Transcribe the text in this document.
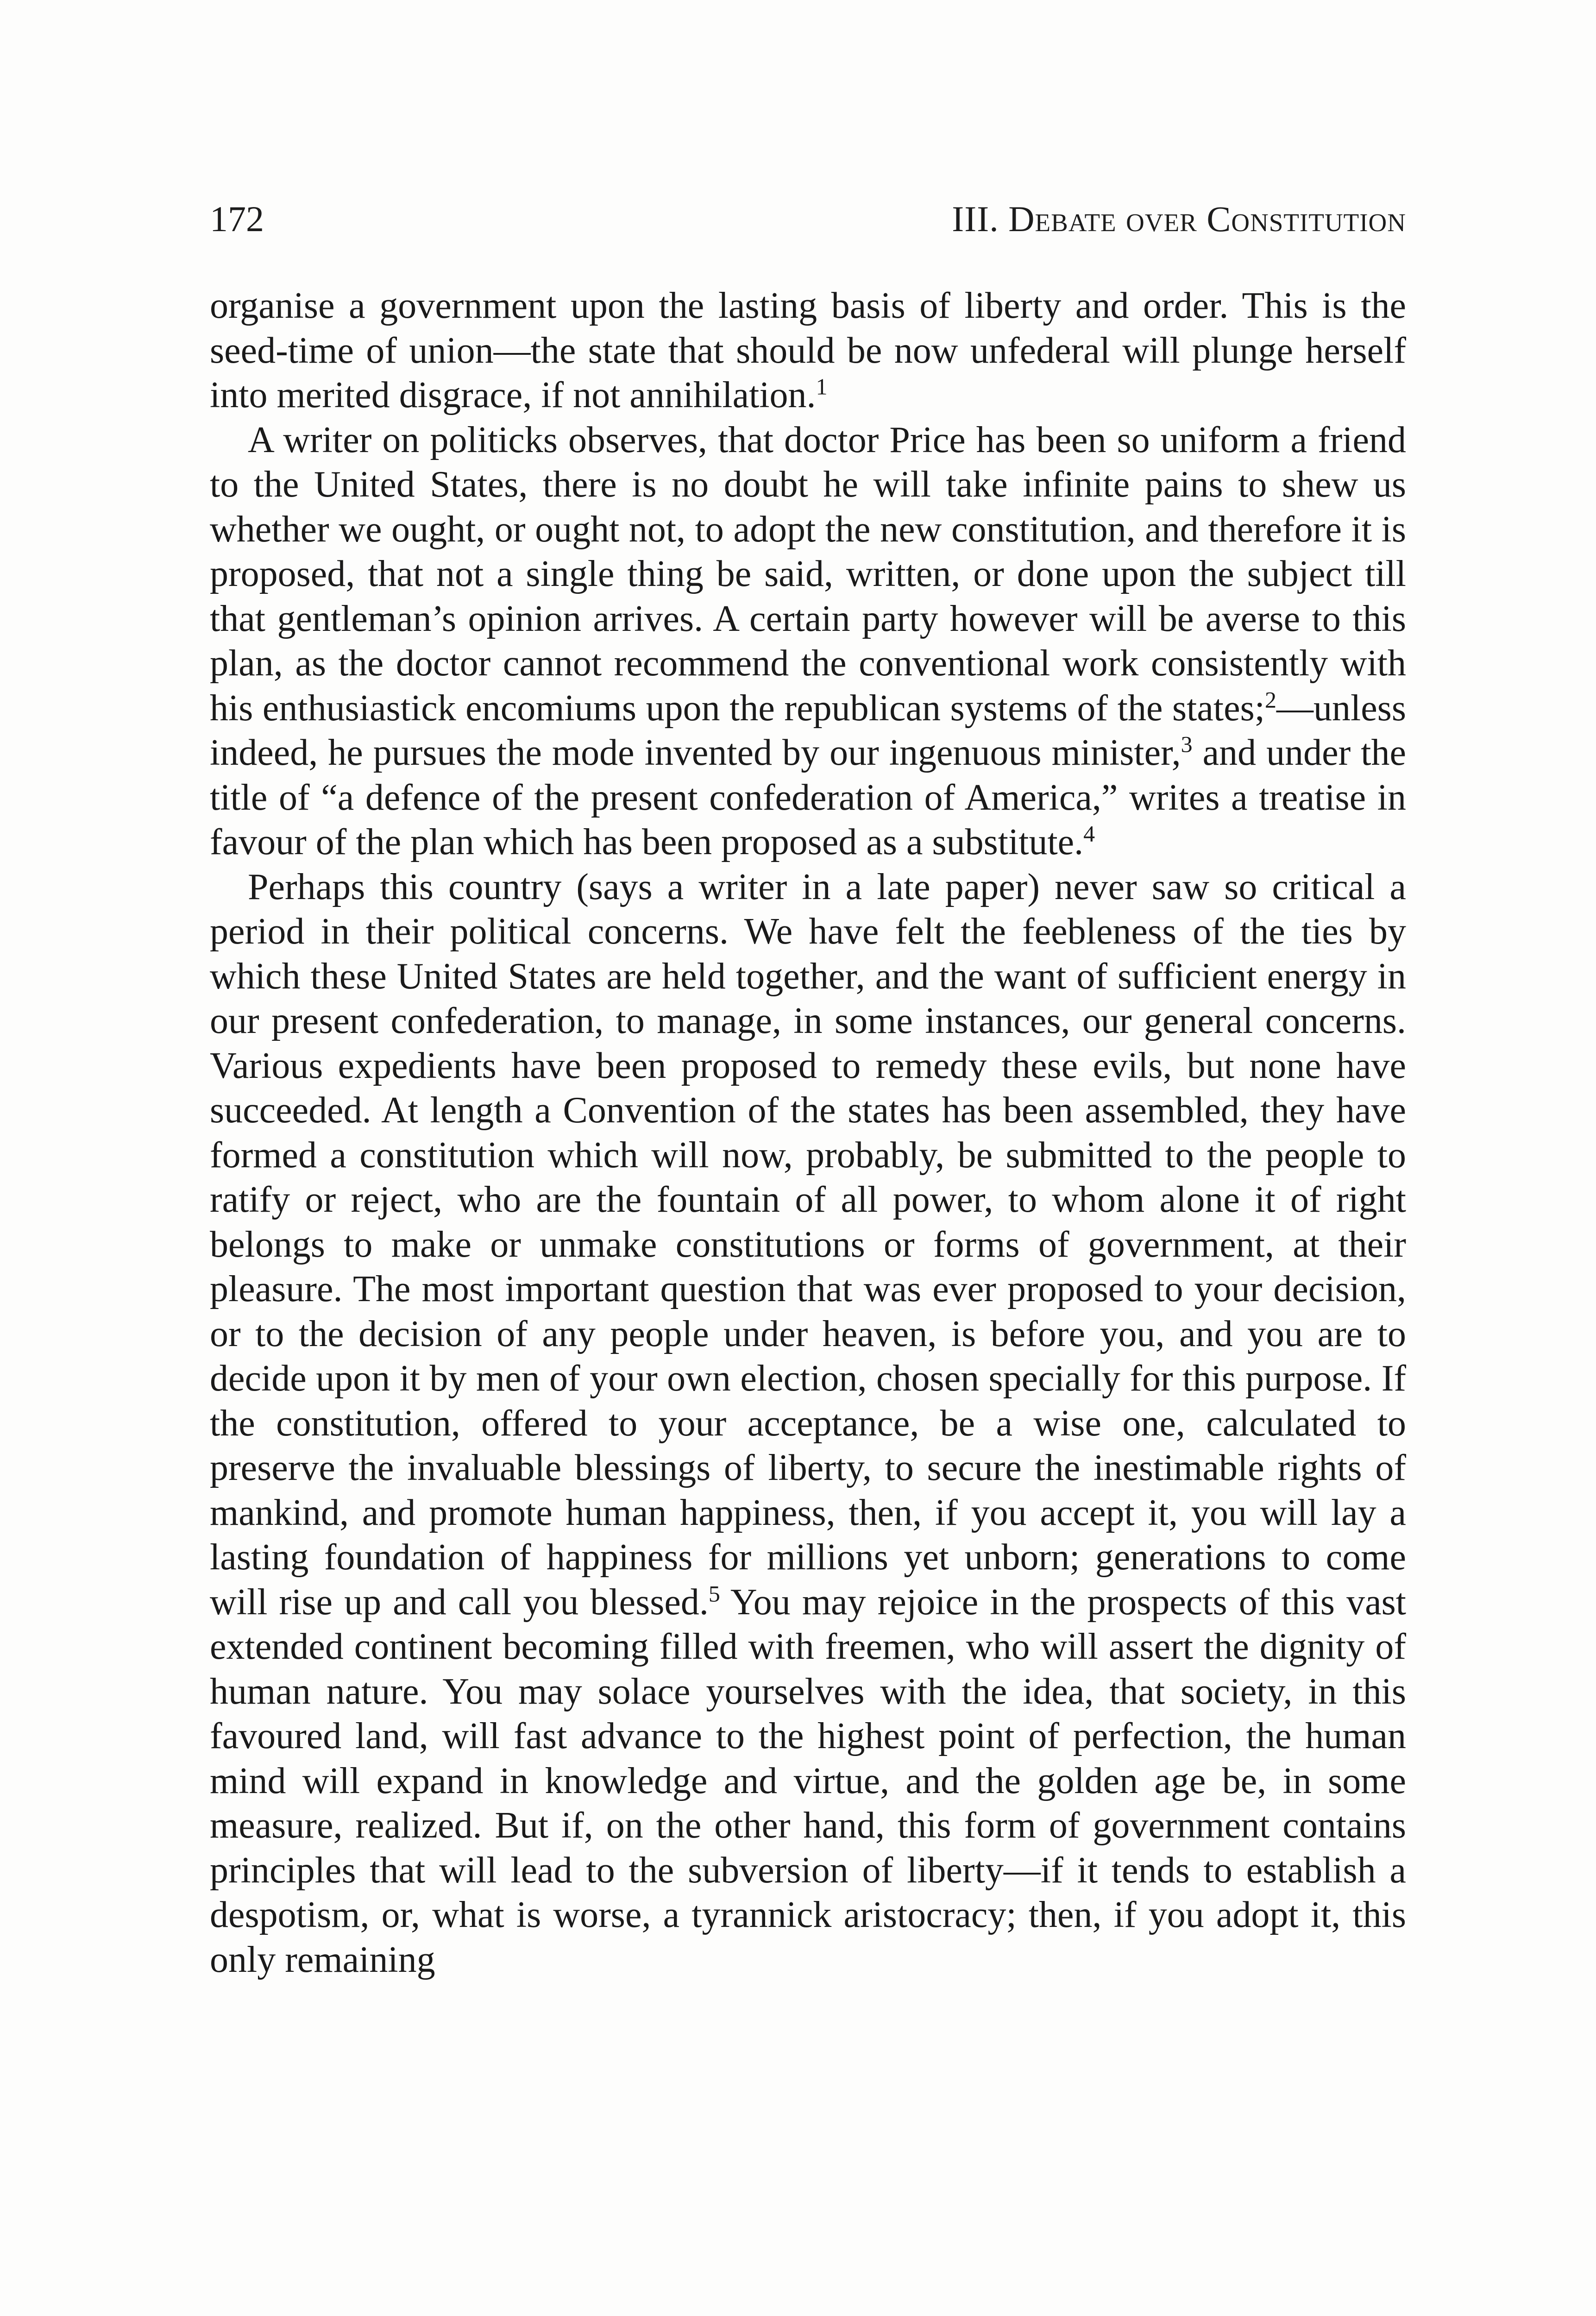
172	III. Debate over Constitution

organise a government upon the lasting basis of liberty and order. This is the seed-time of union—the state that should be now unfederal will plunge herself into merited disgrace, if not annihilation.$^1$

A writer on politicks observes, that doctor Price has been so uniform a friend to the United States, there is no doubt he will take infinite pains to shew us whether we ought, or ought not, to adopt the new constitution, and therefore it is proposed, that not a single thing be said, written, or done upon the subject till that gentleman’s opinion arrives. A certain party however will be averse to this plan, as the doctor cannot recommend the conventional work consistently with his enthusiastick encomiums upon the republican systems of the states;$^2$—unless indeed, he pursues the mode invented by our ingenuous minister,$^3$ and under the title of “a defence of the present confederation of America,” writes a treatise in favour of the plan which has been proposed as a substitute.$^4$

Perhaps this country (says a writer in a late paper) never saw so critical a period in their political concerns. We have felt the feebleness of the ties by which these United States are held together, and the want of sufficient energy in our present confederation, to manage, in some instances, our general concerns. Various expedients have been proposed to remedy these evils, but none have succeeded. At length a Convention of the states has been assembled, they have formed a constitution which will now, probably, be submitted to the people to ratify or reject, who are the fountain of all power, to whom alone it of right belongs to make or unmake constitutions or forms of government, at their pleasure. The most important question that was ever proposed to your decision, or to the decision of any people under heaven, is before you, and you are to decide upon it by men of your own election, chosen specially for this purpose. If the constitution, offered to your acceptance, be a wise one, calculated to preserve the invaluable blessings of liberty, to secure the inestimable rights of mankind, and promote human happiness, then, if you accept it, you will lay a lasting foundation of happiness for millions yet unborn; generations to come will rise up and call you blessed.$^5$ You may rejoice in the prospects of this vast extended continent becoming filled with freemen, who will assert the dignity of human nature. You may solace yourselves with the idea, that society, in this favoured land, will fast advance to the highest point of perfection, the human mind will expand in knowledge and virtue, and the golden age be, in some measure, realized. But if, on the other hand, this form of government contains principles that will lead to the subversion of liberty—if it tends to establish a despotism, or, what is worse, a tyrannick aristocracy; then, if you adopt it, this only remaining
